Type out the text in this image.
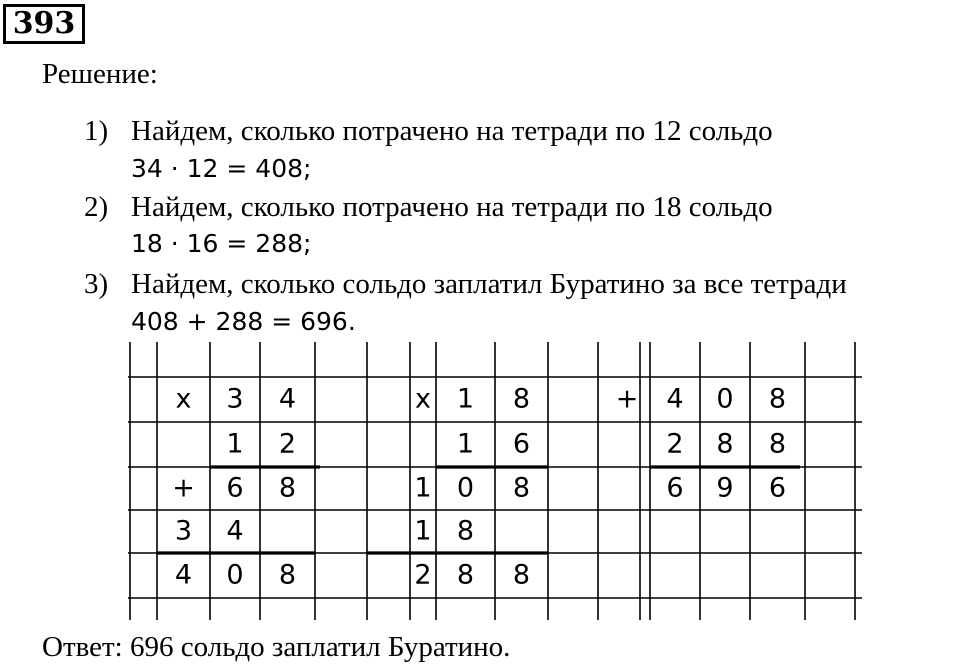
393
Решение:
1) Найдем, сколько потрачено на тетради по 12 сольдо
34 · 12 = 408;
2) Найдем, сколько потрачено на тетради по 18 сольдо
18 · 16 = 288;
3) Найдем, сколько сольдо заплатил Буратино за все тетради
408 + 288 = 696.
x 3 4	x 1 8	+ 4 0 8
1 2	1 6	2 8 8
+ 6 8	1 0 8	6 9 6
3 4	1 8
4 0 8	2 8 8
Ответ: 696 сольдо заплатил Буратино.
